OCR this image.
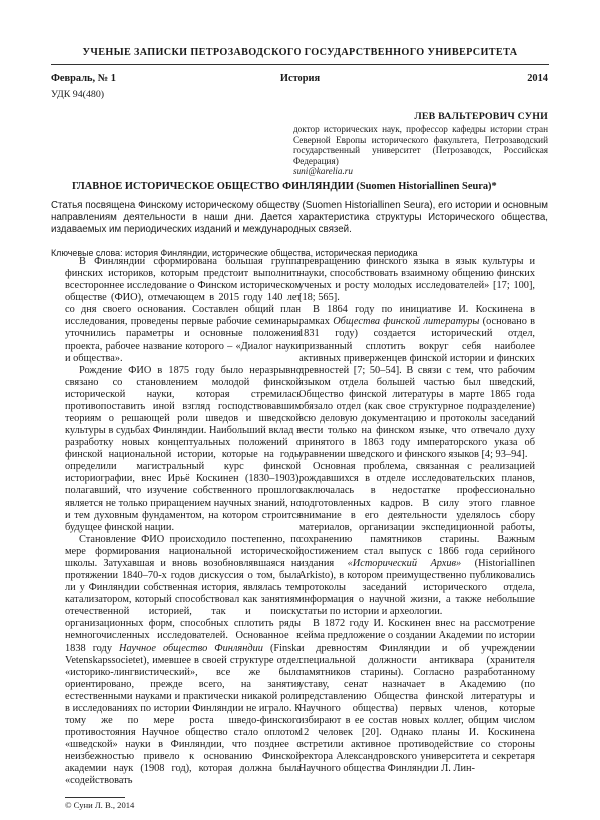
УЧЕНЫЕ ЗАПИСКИ ПЕТРОЗАВОДСКОГО ГОСУДАРСТВЕННОГО УНИВЕРСИТЕТА
Февраль, № 1	История	2014
УДК 94(480)
ЛЕВ ВАЛЬТЕРОВИЧ СУНИ
доктор исторических наук, профессор кафедры истории стран Северной Европы исторического факультета, Петрозаводский государственный университет (Петрозаводск, Российская Федерация)
suni@karelia.ru
ГЛАВНОЕ ИСТОРИЧЕСКОЕ ОБЩЕСТВО ФИНЛЯНДИИ (Suomen Historiallinen Seura)*

Статья посвящена Финскому историческому обществу (Suomen Historiallinen Seura), его истории и основным направлениям деятельности в наши дни. Дается характеристика структуры Исторического общества, издаваемых им периодических изданий и международных связей.

Ключевые слова: история Финляндии, исторические общества, историческая периодика

В Финляндии сформирована большая группа финских историков, которым предстоит выполнить всестороннее исследование о Финском историческом обществе (ФИО), отмечающем в 2015 году 140 лет со дня своего основания. Составлен общий план исследования, проведены первые рабочие семинары, уточнились параметры и основные положения проекта, рабочее название которого – «Диалог науки и общества».

Рождение ФИО в 1875 году было неразрывно связано со становлением молодой финской исторической науки, которая стремилась противопоставить иной взгляд господствовавшим теориям о решающей роли шведов и шведской культуры в судьбах Финляндии. Наибольший вклад в разработку новых концептуальных положений о финской национальной истории, которые на годы определили магистральный курс финской историографии, внес Ирьё Коскинен (1830–1903), полагавший, что изучение собственного прошлого является не только приращением научных знаний, но и тем духовным фундаментом, на котором строится будущее финской нации.

Становление ФИО происходило постепенно, по мере формирования национальной исторической школы. Затухавшая и вновь возобновлявшаяся на протяжении 1840–70-х годов дискуссия о том, была ли у Финляндии собственная история, являлась тем катализатором, который способствовал как занятиям отечественной историей, так и поиску организационных форм, способных сплотить ряды немногочисленных исследователей. Основанное в 1838 году Научное общество Финляндии (Finska Vetenskapssocietet), имевшее в своей структуре отдел «историко-лингвистический», все же было ориентировано, прежде всего, на занятия естественными науками и практически никакой роли в исследованиях по истории Финляндии не играло. К тому же по мере роста шведо-финского противостояния Научное общество стало оплотом «шведской» науки в Финляндии, что позднее с неизбежностью привело к основанию Финской академии наук (1908 год), которая должна была «содействовать

превращению финского языка в язык культуры и науки, способствовать взаимному общению финских ученых и росту молодых исследователей» [17; 100], [18; 565].

В 1864 году по инициативе И. Коскинена в рамках Общества финской литературы (основано в 1831 году) создается исторический отдел, призванный сплотить вокруг себя наиболее активных приверженцев финской истории и финских древностей [7; 50–54]. В связи с тем, что рабочим языком отдела большей частью был шведский, Общество финской литературы в марте 1865 года обязало отдел (как свое структурное подразделение) всю деловую документацию и протоколы заседаний вести только на финском языке, что отвечало духу принятого в 1863 году императорского указа об уравнении шведского и финского языков [4; 93–94].

Основная проблема, связанная с реализацией рождавшихся в отделе исследовательских планов, заключалась в недостатке профессионально подготовленных кадров. В силу этого главное внимание в его деятельности уделялось сбору материалов, организации экспедиционной работы, сохранению памятников старины. Важным достижением стал выпуск с 1866 года серийного издания «Исторический Архив» (Historiallinen Arkisto), в котором преимущественно публиковались протоколы заседаний исторического отдела, информация о научной жизни, а также небольшие статьи по истории и археологии.

В 1872 году И. Коскинен внес на рассмотрение сейма предложение о создании Академии по истории и древностям Финляндии и об учреждении специальной должности антиквара (хранителя памятников старины). Согласно разработанному уставу, сенат назначает в Академию (по представлению Общества финской литературы и Научного общества) первых членов, которые избирают в ее состав новых коллег, общим числом 12 человек [20]. Однако планы И. Коскинена встретили активное противодействие со стороны ректора Александровского университета и секретаря Научного общества Финляндии Л. Лин-

© Суни Л. В., 2014
